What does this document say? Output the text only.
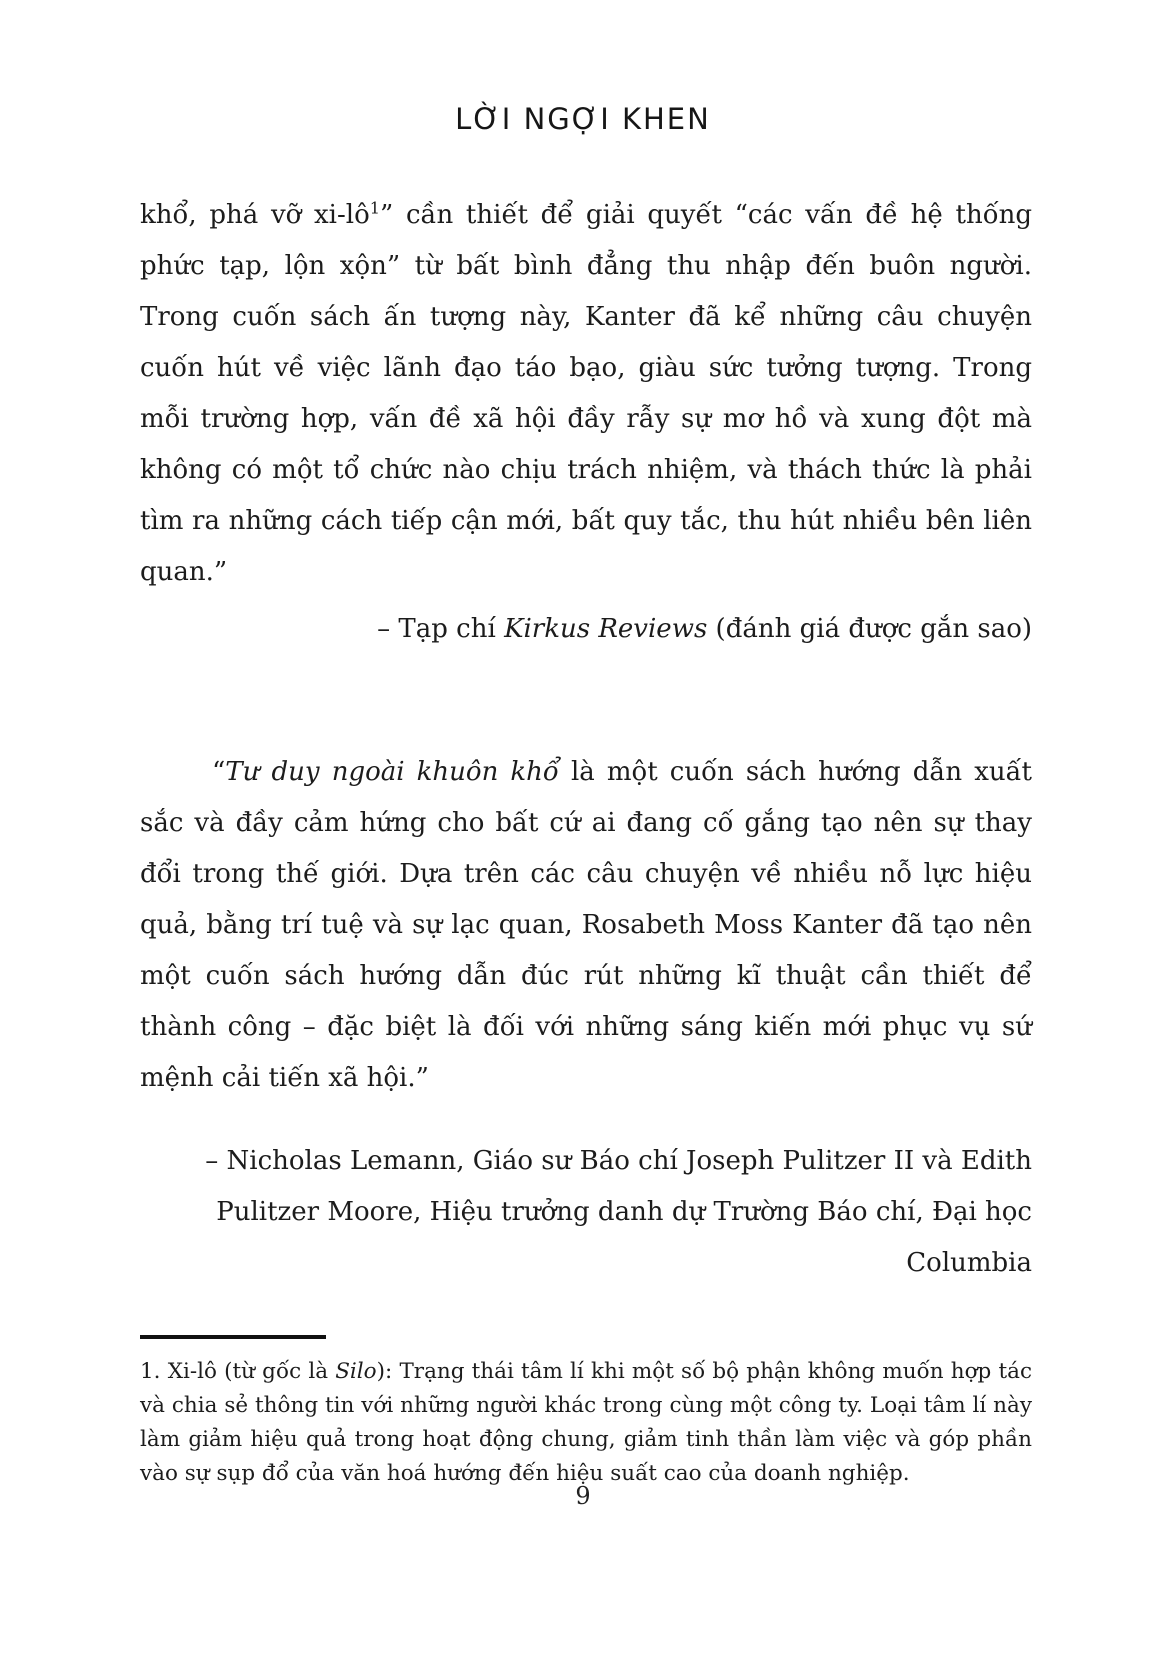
LỜI NGỢI KHEN

khổ, phá vỡ $xi-lô^1$” cần thiết để giải quyết “các vấn đề hệ thống phức tạp, lộn xộn” từ bất bình đẳng thu nhập đến buôn người. Trong cuốn sách ấn tượng này, Kanter đã kể những câu chuyện cuốn hút về việc lãnh đạo táo bạo, giàu sức tưởng tượng. Trong mỗi trường hợp, vấn đề xã hội đầy rẫy sự mơ hồ và xung đột mà không có một tổ chức nào chịu trách nhiệm, và thách thức là phải tìm ra những cách tiếp cận mới, bất quy tắc, thu hút nhiều bên liên quan.”

– Tạp chí Kirkus Reviews (đánh giá được gắn sao)

“Tư duy ngoài khuôn khổ là một cuốn sách hướng dẫn xuất sắc và đầy cảm hứng cho bất cứ ai đang cố gắng tạo nên sự thay đổi trong thế giới. Dựa trên các câu chuyện về nhiều nỗ lực hiệu quả, bằng trí tuệ và sự lạc quan, Rosabeth Moss Kanter đã tạo nên một cuốn sách hướng dẫn đúc rút những kĩ thuật cần thiết để thành công – đặc biệt là đối với những sáng kiến mới phục vụ sứ mệnh cải tiến xã hội.”

– Nicholas Lemann, Giáo sư Báo chí Joseph Pulitzer II và Edith Pulitzer Moore, Hiệu trưởng danh dự Trường Báo chí, Đại học Columbia

1. Xi-lô (từ gốc là Silo): Trạng thái tâm lí khi một số bộ phận không muốn hợp tác và chia sẻ thông tin với những người khác trong cùng một công ty. Loại tâm lí này làm giảm hiệu quả trong hoạt động chung, giảm tinh thần làm việc và góp phần vào sự sụp đổ của văn hoá hướng đến hiệu suất cao của doanh nghiệp.

9
